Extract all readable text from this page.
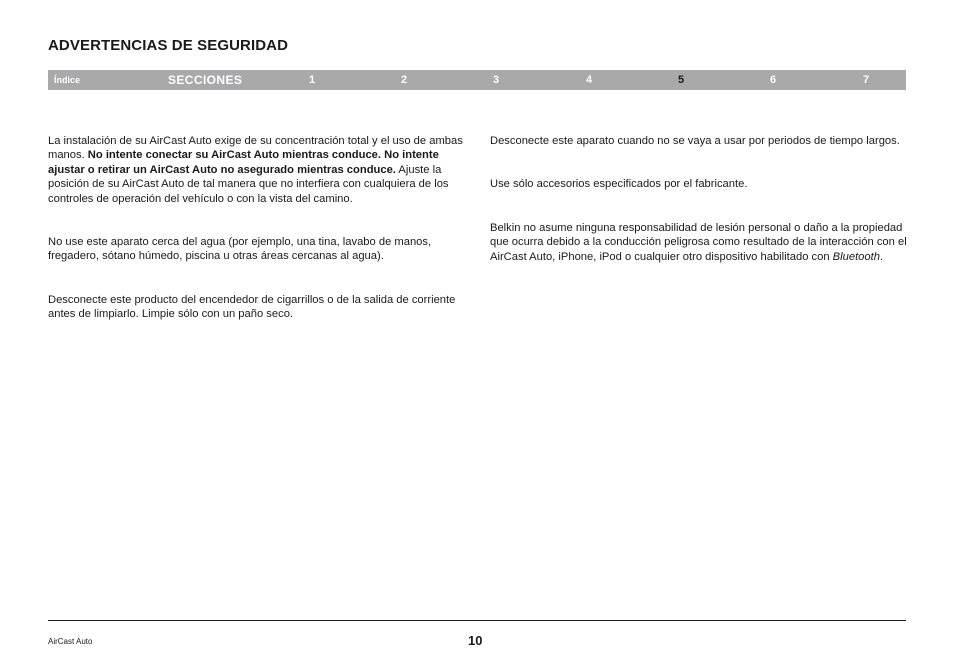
ADVERTENCIAS DE SEGURIDAD
Índice	SECCIONES	1	2	3	4	5	6	7

La instalación de su AirCast Auto exige de su concentración total y el uso de ambas manos. No intente conectar su AirCast Auto mientras conduce. No intente ajustar o retirar un AirCast Auto no asegurado mientras conduce. Ajuste la posición de su AirCast Auto de tal manera que no interfiera con cualquiera de los controles de operación del vehículo o con la vista del camino.

No use este aparato cerca del agua (por ejemplo, una tina, lavabo de manos, fregadero, sótano húmedo, piscina u otras áreas cercanas al agua).

Desconecte este producto del encendedor de cigarrillos o de la salida de corriente antes de limpiarlo. Limpie sólo con un paño seco.

Desconecte este aparato cuando no se vaya a usar por periodos de tiempo largos.

Use sólo accesorios especificados por el fabricante.

Belkin no asume ninguna responsabilidad de lesión personal o daño a la propiedad que ocurra debido a la conducción peligrosa como resultado de la interacción con el AirCast Auto, iPhone, iPod o cualquier otro dispositivo habilitado con Bluetooth.

AirCast Auto	10
